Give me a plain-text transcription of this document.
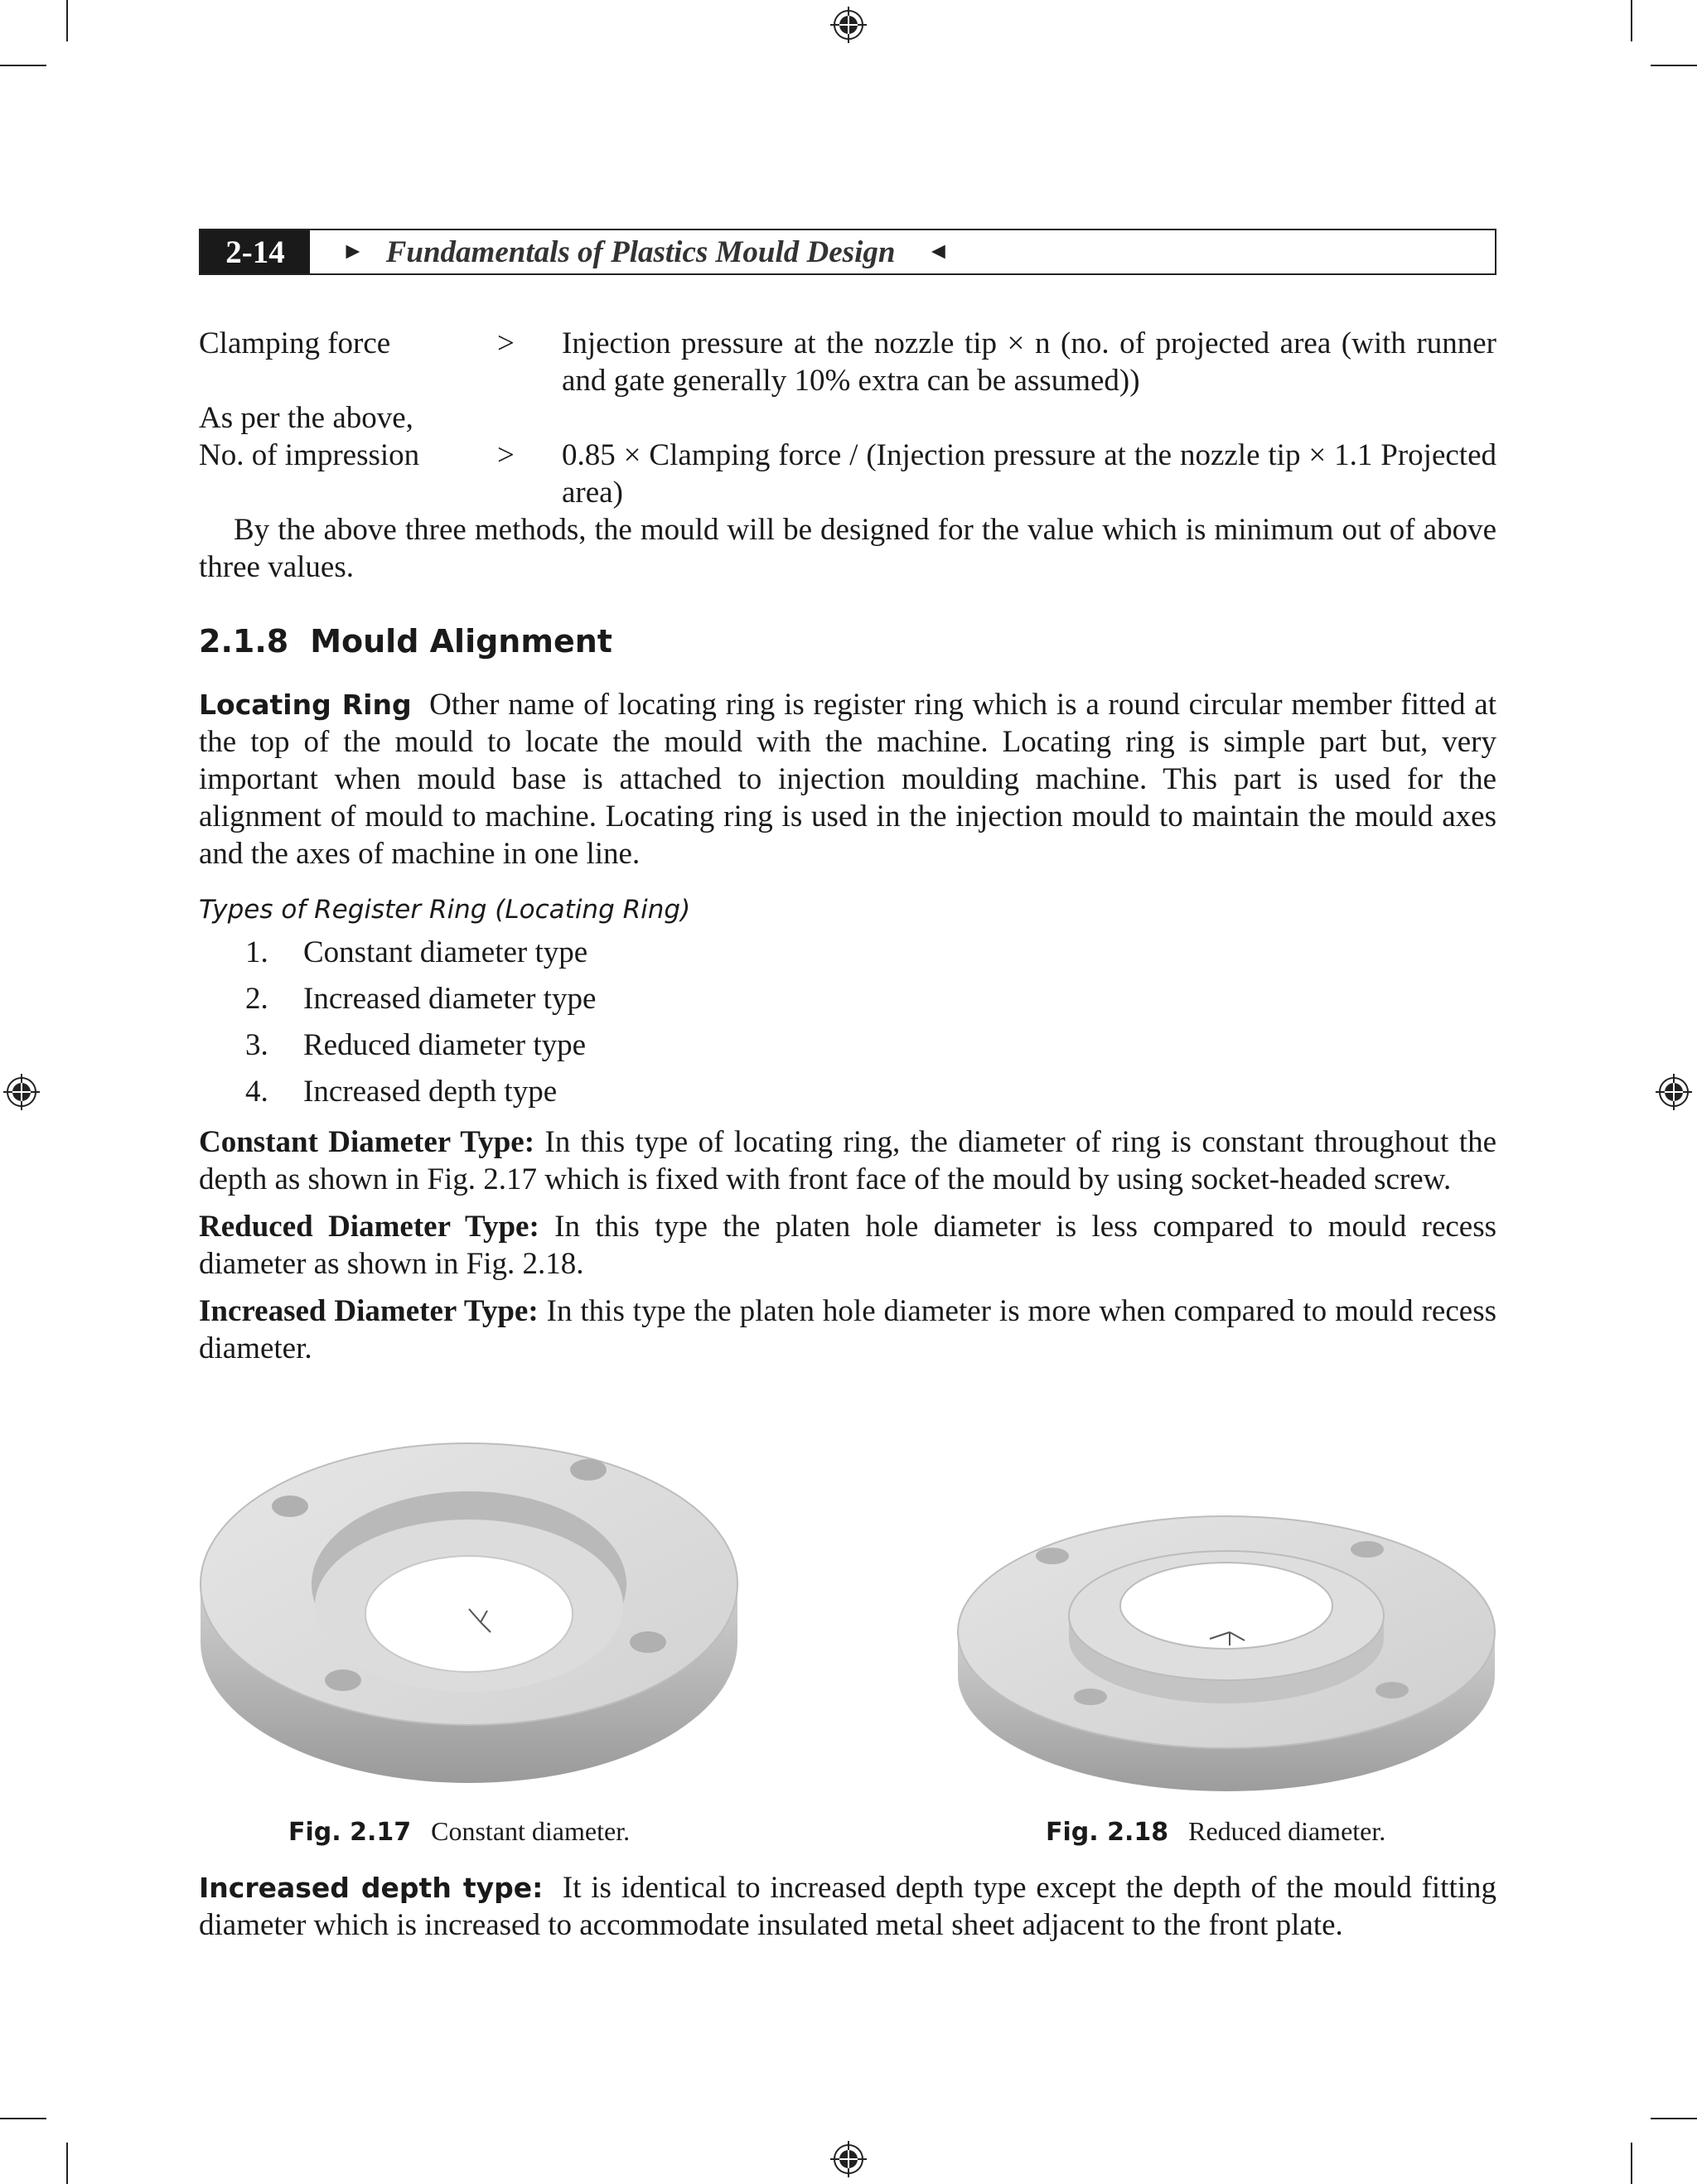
2-14	► Fundamentals of Plastics Mould Design ◄
Clamping force	>	Injection pressure at the nozzle tip × n (no. of projected area (with runner and gate generally 10% extra can be assumed))
As per the above,
No. of impression	>	0.85 × Clamping force / (Injection pressure at the nozzle tip × 1.1 Projected area)

By the above three methods, the mould will be designed for the value which is minimum out of above three values.

2.1.8 Mould Alignment

Locating Ring Other name of locating ring is register ring which is a round circular member fitted at the top of the mould to locate the mould with the machine. Locating ring is simple part but, very important when mould base is attached to injection moulding machine. This part is used for the alignment of mould to machine. Locating ring is used in the injection mould to maintain the mould axes and the axes of machine in one line.

Types of Register Ring (Locating Ring)
1.	Constant diameter type
2.	Increased diameter type
3.	Reduced diameter type
4.	Increased depth type

Constant Diameter Type: In this type of locating ring, the diameter of ring is constant throughout the depth as shown in Fig. 2.17 which is fixed with front face of the mould by using socket-headed screw.

Reduced Diameter Type: In this type the platen hole diameter is less compared to mould recess diameter as shown in Fig. 2.18.

Increased Diameter Type: In this type the platen hole diameter is more when compared to mould recess diameter.

Fig. 2.17 Constant diameter.	Fig. 2.18 Reduced diameter.

Increased depth type: It is identical to increased depth type except the depth of the mould fitting diameter which is increased to accommodate insulated metal sheet adjacent to the front plate.
